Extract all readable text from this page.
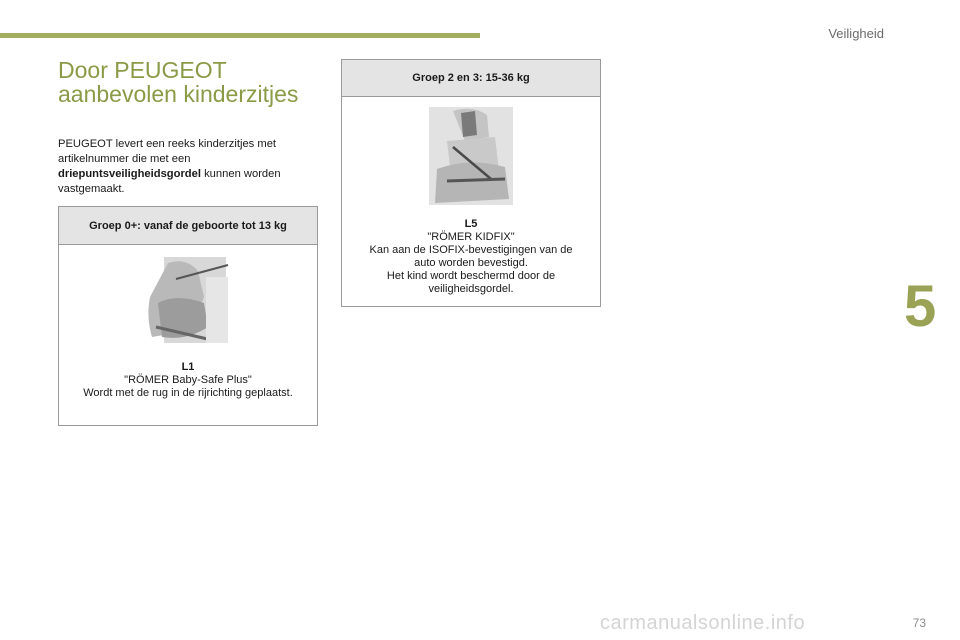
Veiligheid
Door PEUGEOT
aanbevolen kinderzitjes

PEUGEOT levert een reeks kinderzitjes met artikelnummer die met een driepuntsveiligheidsgordel kunnen worden vastgemaakt.

Groep 0+: vanaf de geboorte tot 13 kg
L1
"RÖMER Baby-Safe Plus"
Wordt met de rug in de rijrichting geplaatst.
Groep 2 en 3: 15-36 kg
L5
"RÖMER KIDFIX"
Kan aan de ISOFIX-bevestigingen van de
auto worden bevestigd.
Het kind wordt beschermd door de
veiligheidsgordel.	5
73
carmanualsonline.info
